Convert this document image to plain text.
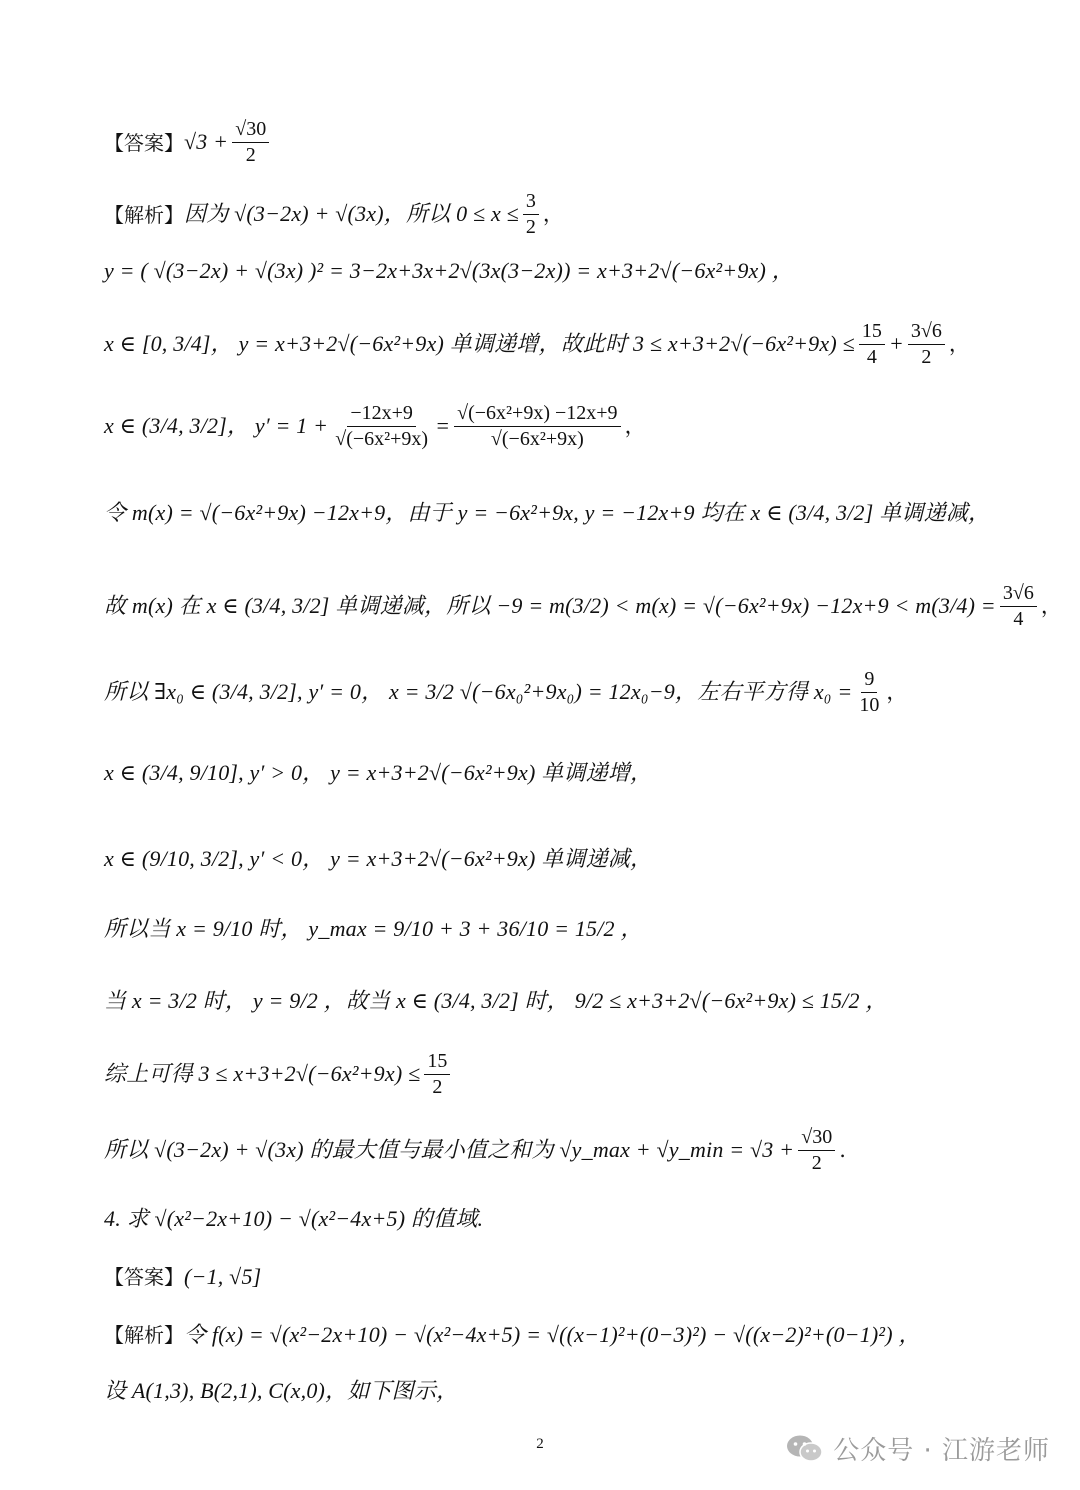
【答案】 $√3 + \frac{√30}{2}$
【解析】 因为 √(3−2x) + √(3x)，所以 $0 \le x \le \frac{3}{2}$ ，
y = ( √(3−2x) + √(3x) )² = 3−2x+3x+2√(3x(3−2x)) = x+3+2√(−6x²+9x) ，
x ∈ [0, 3/4]， y = x+3+2√(−6x²+9x) 单调递增，故此时 $3 \le x+3+2√(-6x^2+9x) \le \frac{15}{4} + \frac{3√6}{2}$ ，
x ∈ (3/4, 3/2]， $y' = 1 + \frac{-12x+9}{\text{√(−6x²+9x)}} = \frac{\text{√(−6x²+9x) −12x+9}}{\text{√(−6x²+9x)}}$ ，
令 m(x) = √(−6x²+9x) −12x+9，由于 y = −6x²+9x, y = −12x+9 均在 x ∈ (3/4, 3/2] 单调递减，
故 m(x) 在 x ∈ (3/4, 3/2] 单调递减，所以 $-9 = m(3/2) < m(x) = √(-6x^2+9x) -12x+9 < m(3/4) = \frac{3√6}{4}$ ，
所以 ∃x₀ ∈ (3/4, 3/2], y′ = 0， x = 3/2 √(−6x₀²+9x₀) = 12x₀−9，左右平方得 $x_0 = \frac{9}{10}$ ，
x ∈ (3/4, 9/10], y′ > 0， y = x+3+2√(−6x²+9x) 单调递增，
x ∈ (9/10, 3/2], y′ < 0， y = x+3+2√(−6x²+9x) 单调递减，
所以当 x = 9/10 时， y_max = 9/10 + 3 + 36/10 = 15/2 ，
当 x = 3/2 时， y = 9/2 ，故当 x ∈ (3/4, 3/2] 时， 9/2 ≤ x+3+2√(−6x²+9x) ≤ 15/2 ，
综上可得 $3 \le x+3+2√(-6x^2+9x) \le \frac{15}{2}$
所以 √(3−2x) + √(3x) 的最大值与最小值之和为 √y_max + √y_min = $√3 + \frac{√30}{2}$ .
4. 求 √(x²−2x+10) − √(x²−4x+5) 的值域.
【答案】 (−1, √5]
【解析】 令 f(x) = √(x²−2x+10) − √(x²−4x+5) = √((x−1)²+(0−3)²) − √((x−2)²+(0−1)²) ，
设 A(1,3), B(2,1), C(x,0)，如下图示，
2	公众号 · 江游老师
